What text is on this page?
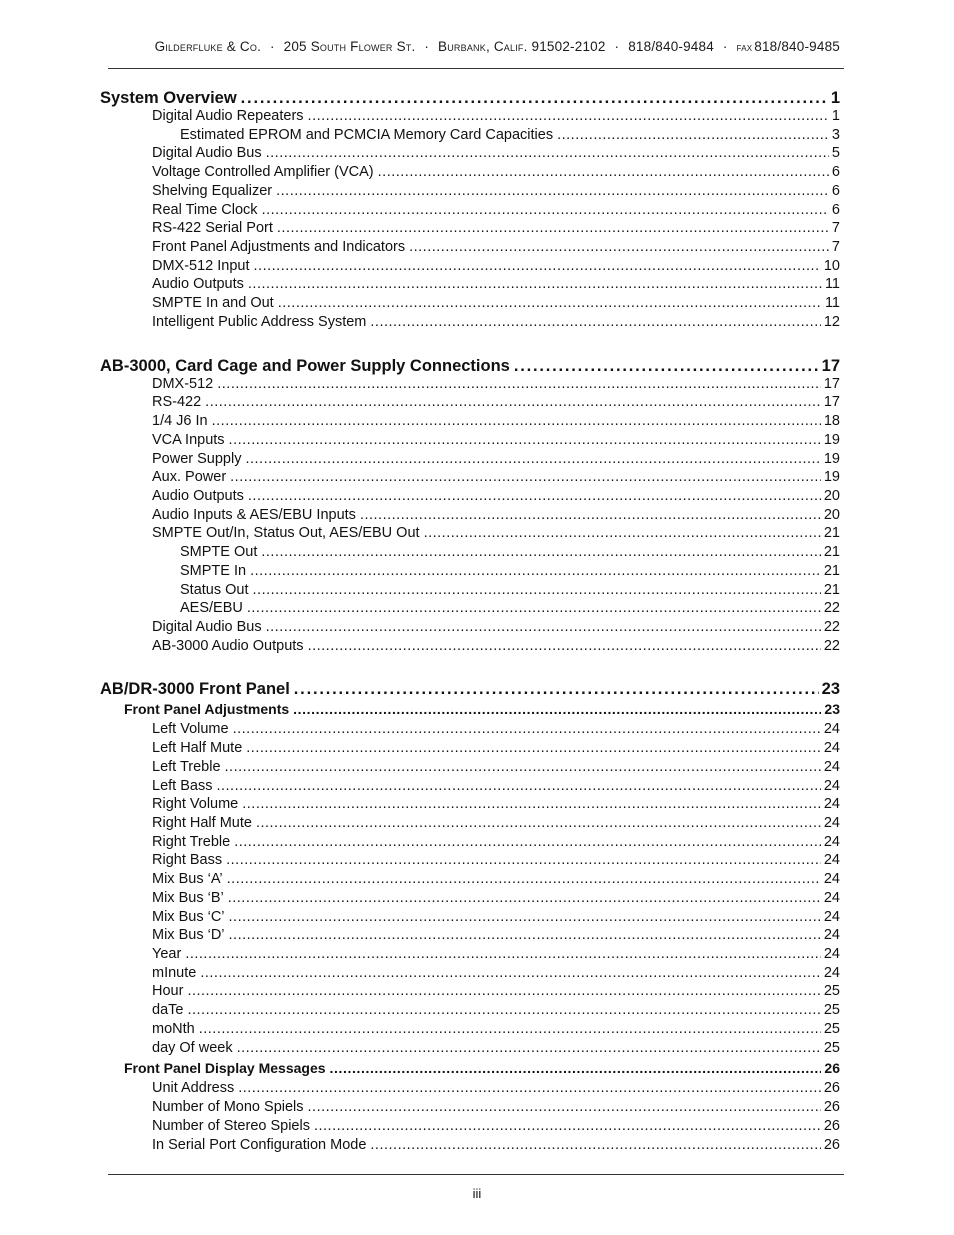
Gilderfluke & Co. · 205 South Flower St. · Burbank, Calif. 91502-2102 · 818/840-9484 · fax 818/840-9485
System Overview .....	1
Digital Audio Repeaters .....	1
Estimated EPROM and PCMCIA Memory Card Capacities .....	3
Digital Audio Bus .....	5
Voltage Controlled Amplifier (VCA) .....	6
Shelving Equalizer .....	6
Real Time Clock .....	6
RS-422 Serial Port .....	7
Front Panel Adjustments and Indicators .....	7
DMX-512 Input .....	10
Audio Outputs .....	11
SMPTE In and Out .....	11
Intelligent Public Address System .....	12
AB-3000, Card Cage and Power Supply Connections .....	17
DMX-512 .....	17
RS-422 .....	17
1/4 J6 In .....	18
VCA Inputs .....	19
Power Supply .....	19
Aux. Power .....	19
Audio Outputs .....	20
Audio Inputs & AES/EBU Inputs .....	20
SMPTE Out/In, Status Out, AES/EBU Out .....	21
SMPTE Out .....	21
SMPTE In .....	21
Status Out .....	21
AES/EBU .....	22
Digital Audio Bus .....	22
AB-3000 Audio Outputs .....	22
AB/DR-3000 Front Panel .....	23
Front Panel Adjustments .....	23
Left Volume .....	24
Left Half Mute .....	24
Left Treble .....	24
Left Bass .....	24
Right Volume .....	24
Right Half Mute .....	24
Right Treble .....	24
Right Bass .....	24
Mix Bus ‘A’ .....	24
Mix Bus ‘B’ .....	24
Mix Bus ‘C’ .....	24
Mix Bus ‘D’ .....	24
Year .....	24
mInute .....	24
Hour .....	25
daTe .....	25
moNth .....	25
day Of week .....	25
Front Panel Display Messages .....	26
Unit Address .....	26
Number of Mono Spiels .....	26
Number of Stereo Spiels .....	26
In Serial Port Configuration Mode .....	26
iii
